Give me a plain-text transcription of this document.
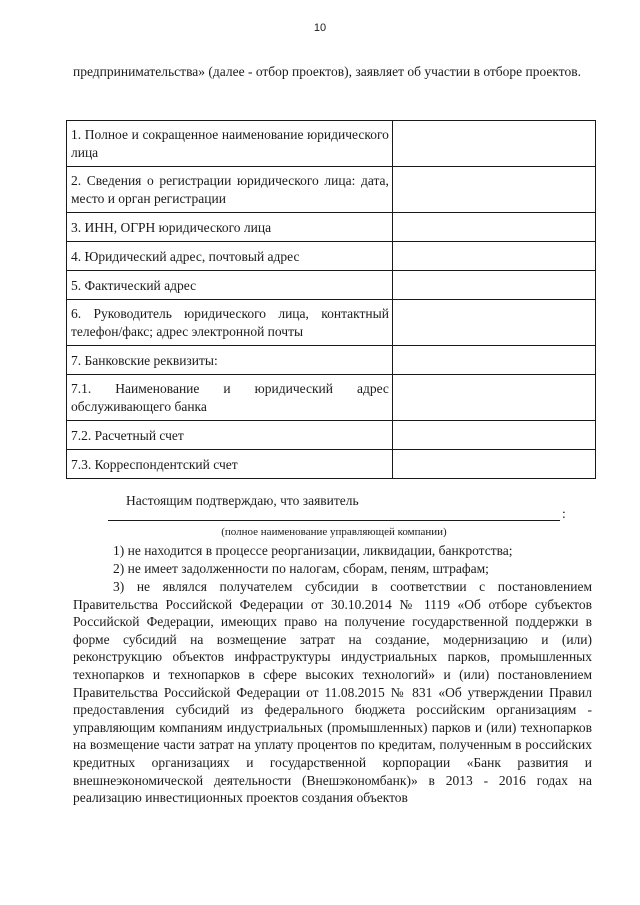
10

предпринимательства» (далее - отбор проектов), заявляет об участии в отборе проектов.

1. Полное и сокращенное наименование юридического лица	
2. Сведения о регистрации юридического лица: дата, место и орган регистрации	
3. ИНН, ОГРН юридического лица	
4. Юридический адрес, почтовый адрес	
5. Фактический адрес	
6. Руководитель юридического лица, контактный телефон/факс; адрес электронной почты	
7. Банковские реквизиты:	
7.1. Наименование и юридический адрес обслуживающего банка	
7.2. Расчетный счет	
7.3. Корреспондентский счет	

Настоящим подтверждаю, что заявитель

:

(полное наименование управляющей компании)

1) не находится в процессе реорганизации, ликвидации, банкротства;

2) не имеет задолженности по налогам, сборам, пеням, штрафам;

3) не являлся получателем субсидии в соответствии с постановлением Правительства Российской Федерации от 30.10.2014 № 1119 «Об отборе субъектов Российской Федерации, имеющих право на получение государственной поддержки в форме субсидий на возмещение затрат на создание, модернизацию и (или) реконструкцию объектов инфраструктуры индустриальных парков, промышленных технопарков и технопарков в сфере высоких технологий» и (или) постановлением Правительства Российской Федерации от 11.08.2015 № 831 «Об утверждении Правил предоставления субсидий из федерального бюджета российским организациям - управляющим компаниям индустриальных (промышленных) парков и (или) технопарков на возмещение части затрат на уплату процентов по кредитам, полученным в российских кредитных организациях и государственной корпорации «Банк развития и внешнеэкономической деятельности (Внешэкономбанк)» в 2013 - 2016 годах на реализацию инвестиционных проектов создания объектов
